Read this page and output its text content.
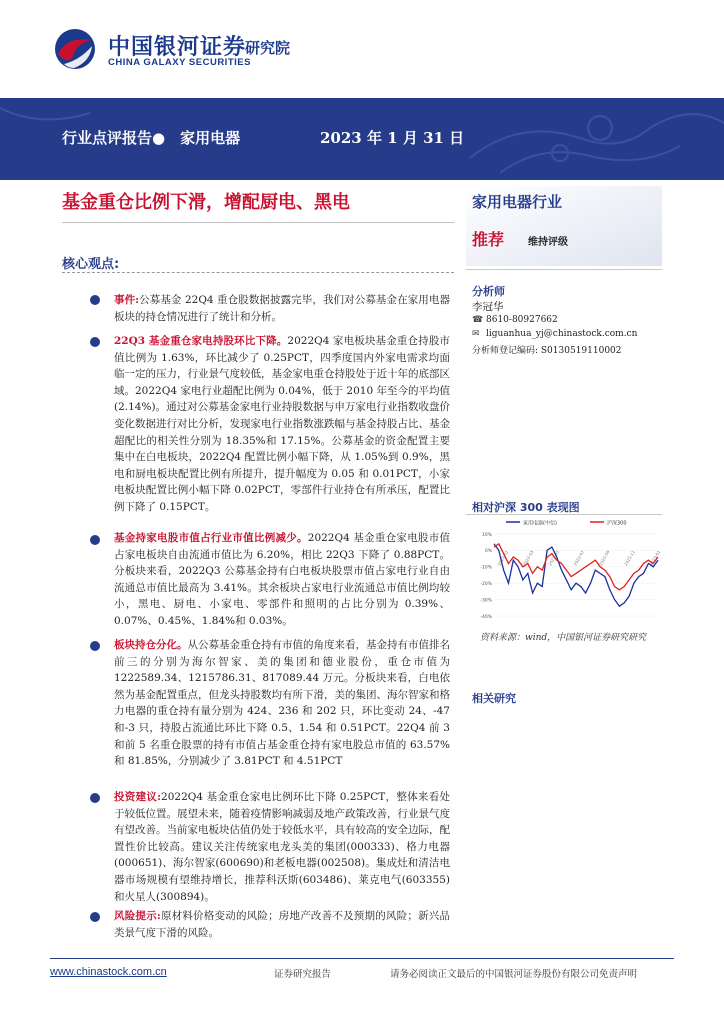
中国银河证券
CHINA GALAXY SECURITIES
研究院
行业点评报告●　家用电器	2023 年 1 月 31 日
基金重仓比例下滑，增配厨电、黑电	家用电器行业
推荐 维持评级
分析师
李冠华
☎ 8610-80927662
✉ liguanhua_yj@chinastock.com.cn
分析师登记编码: S0130519110002
相对沪深 300 表现图
家用电器(中信)	沪深300
10%
0%
-10%
-20%
-30%
-40%
2022-01	2022-03	2022-05	2022-07	2022-09	2022-11	2023-01
资料来源：wind，中国银河证券研究研究
相关研究
核心观点:
事件:公募基金 22Q4 重仓股数据披露完毕，我们对公募基金在家用电器板块的持仓情况进行了统计和分析。
22Q3 基金重仓家电持股环比下降。2022Q4 家电板块基金重仓持股市值比例为 1.63%，环比减少了 0.25PCT，四季度国内外家电需求均面临一定的压力，行业景气度较低，基金家电重仓持股处于近十年的底部区域。2022Q4 家电行业超配比例为 0.04%，低于 2010 年至今的平均值(2.14%)。通过对公募基金家电行业持股数据与申万家电行业指数收盘价变化数据进行对比分析，发现家电行业指数涨跌幅与基金持股占比、基金超配比的相关性分别为 18.35%和 17.15%。公募基金的资金配置主要集中在白电板块，2022Q4 配置比例小幅下降，从 1.05%到 0.9%，黑电和厨电板块配置比例有所提升，提升幅度为 0.05 和 0.01PCT，小家电板块配置比例小幅下降 0.02PCT，零部件行业持仓有所承压，配置比例下降了 0.15PCT。
基金持家电股市值占行业市值比例减少。2022Q4 基金重仓家电股市值占家电板块自由流通市值比为 6.20%，相比 22Q3 下降了 0.88PCT。分板块来看，2022Q3 公募基金持有白电板块股票市值占家电行业自由流通总市值比最高为 3.41%。其余板块占家电行业流通总市值比例均较小，黑电、厨电、小家电、零部件和照明的占比分别为 0.39%、0.07%、0.45%、1.84%和 0.03%。
板块持仓分化。从公募基金重仓持有市值的角度来看，基金持有市值排名前三的分别为海尔智家、美的集团和德业股份，重仓市值为 1222589.34、1215786.31、817089.44 万元。分板块来看，白电依然为基金配置重点，但龙头持股数均有所下滑，美的集团、海尔智家和格力电器的重仓持有量分别为 424、236 和 202 只，环比变动 24、-47 和-3 只，持股占流通比环比下降 0.5、1.54 和 0.51PCT。22Q4 前 3 和前 5 名重仓股票的持有市值占基金重仓持有家电股总市值的 63.57%和 81.85%，分别减少了 3.81PCT 和 4.51PCT
投资建议:2022Q4 基金重仓家电比例环比下降 0.25PCT，整体来看处于较低位置。展望未来，随着疫情影响减弱及地产政策改善，行业景气度有望改善。当前家电板块估值仍处于较低水平，具有较高的安全边际，配置性价比较高。建议关注传统家电龙头美的集团(000333)、格力电器(000651)、海尔智家(600690)和老板电器(002508)。集成灶和清洁电器市场规模有望维持增长，推荐科沃斯(603486)、莱克电气(603355)和火星人(300894)。
风险提示:原材料价格变动的风险；房地产改善不及预期的风险；新兴品类景气度下滑的风险。
www.chinastock.com.cn	证券研究报告	请务必阅读正文最后的中国银河证券股份有限公司免责声明
